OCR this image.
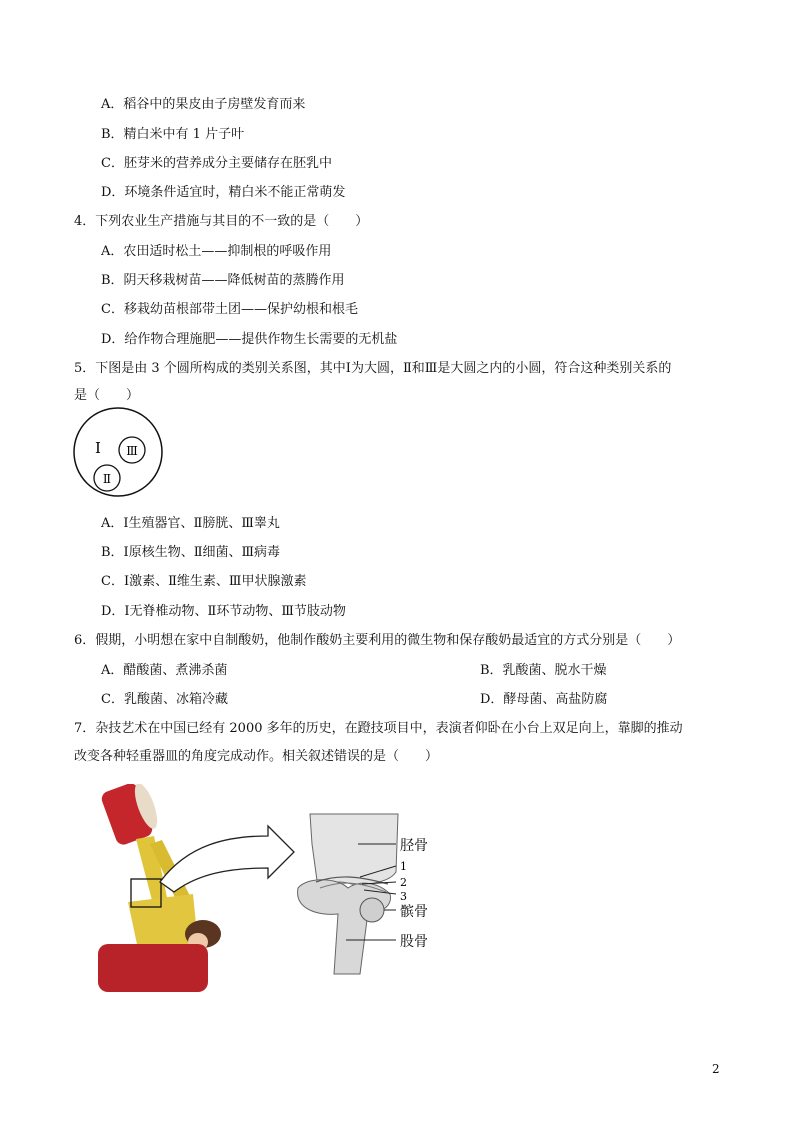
A．稻谷中的果皮由子房壁发育而来
B．精白米中有 1 片子叶
C．胚芽米的营养成分主要储存在胚乳中
D．环境条件适宜时，精白米不能正常萌发
4．下列农业生产措施与其目的不一致的是（　　）
A．农田适时松土——抑制根的呼吸作用
B．阴天移栽树苗——降低树苗的蒸腾作用
C．移栽幼苗根部带土团——保护幼根和根毛
D．给作物合理施肥——提供作物生长需要的无机盐
5．下图是由 3 个圆所构成的类别关系图，其中Ⅰ为大圆，Ⅱ和Ⅲ是大圆之内的小圆，符合这种类别关系的
是（　　）
Ⅰ Ⅲ
Ⅱ
A．Ⅰ生殖器官、Ⅱ膀胱、Ⅲ睾丸
B．Ⅰ原核生物、Ⅱ细菌、Ⅲ病毒
C．Ⅰ激素、Ⅱ维生素、Ⅲ甲状腺激素
D．Ⅰ无脊椎动物、Ⅱ环节动物、Ⅲ节肢动物
6．假期，小明想在家中自制酸奶，他制作酸奶主要利用的微生物和保存酸奶最适宜的方式分别是（　　）
A．醋酸菌、煮沸杀菌	B．乳酸菌、脱水干燥
C．乳酸菌、冰箱冷藏	D．酵母菌、高盐防腐
7．杂技艺术在中国已经有 2000 多年的历史，在蹬技项目中，表演者仰卧在小台上双足向上，靠脚的推动
改变各种轻重器皿的角度完成动作。相关叙述错误的是（　　）
胫骨
1
2
3
髌骨
股骨
2
